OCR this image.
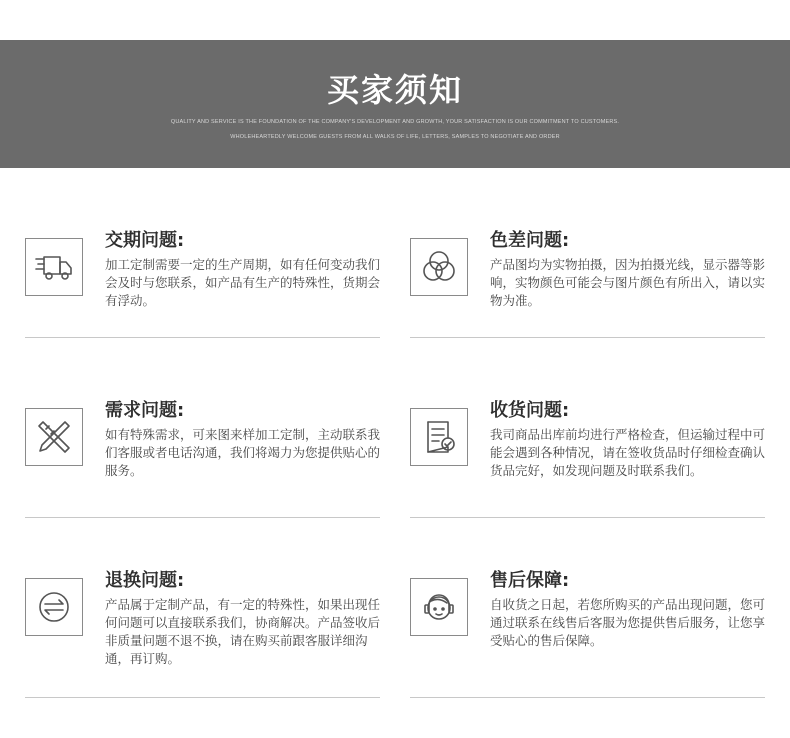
买家须知
QUALITY AND SERVICE IS THE FOUNDATION OF THE COMPANY'S DEVELOPMENT AND GROWTH, YOUR SATISFACTION IS OUR COMMITMENT TO CUSTOMERS.
WHOLEHEARTEDLY WELCOME GUESTS FROM ALL WALKS OF LIFE, LETTERS, SAMPLES TO NEGOTIATE AND ORDER
交期问题:
加工定制需要一定的生产周期，如有任何变动我们会及时与您联系，如产品有生产的特殊性，货期会有浮动。
色差问题:
产品图均为实物拍摄，因为拍摄光线，显示器等影响，实物颜色可能会与图片颜色有所出入，请以实物为准。
需求问题:
如有特殊需求，可来图来样加工定制，主动联系我们客服或者电话沟通，我们将竭力为您提供贴心的服务。
收货问题:
我司商品出库前均进行严格检查，但运输过程中可能会遇到各种情况，请在签收货品时仔细检查确认货品完好，如发现问题及时联系我们。
退换问题:
产品属于定制产品，有一定的特殊性，如果出现任何问题可以直接联系我们，协商解决。产品签收后非质量问题不退不换，请在购买前跟客服详细沟通，再订购。
售后保障:
自收货之日起，若您所购买的产品出现问题，您可通过联系在线售后客服为您提供售后服务，让您享受贴心的售后保障。
